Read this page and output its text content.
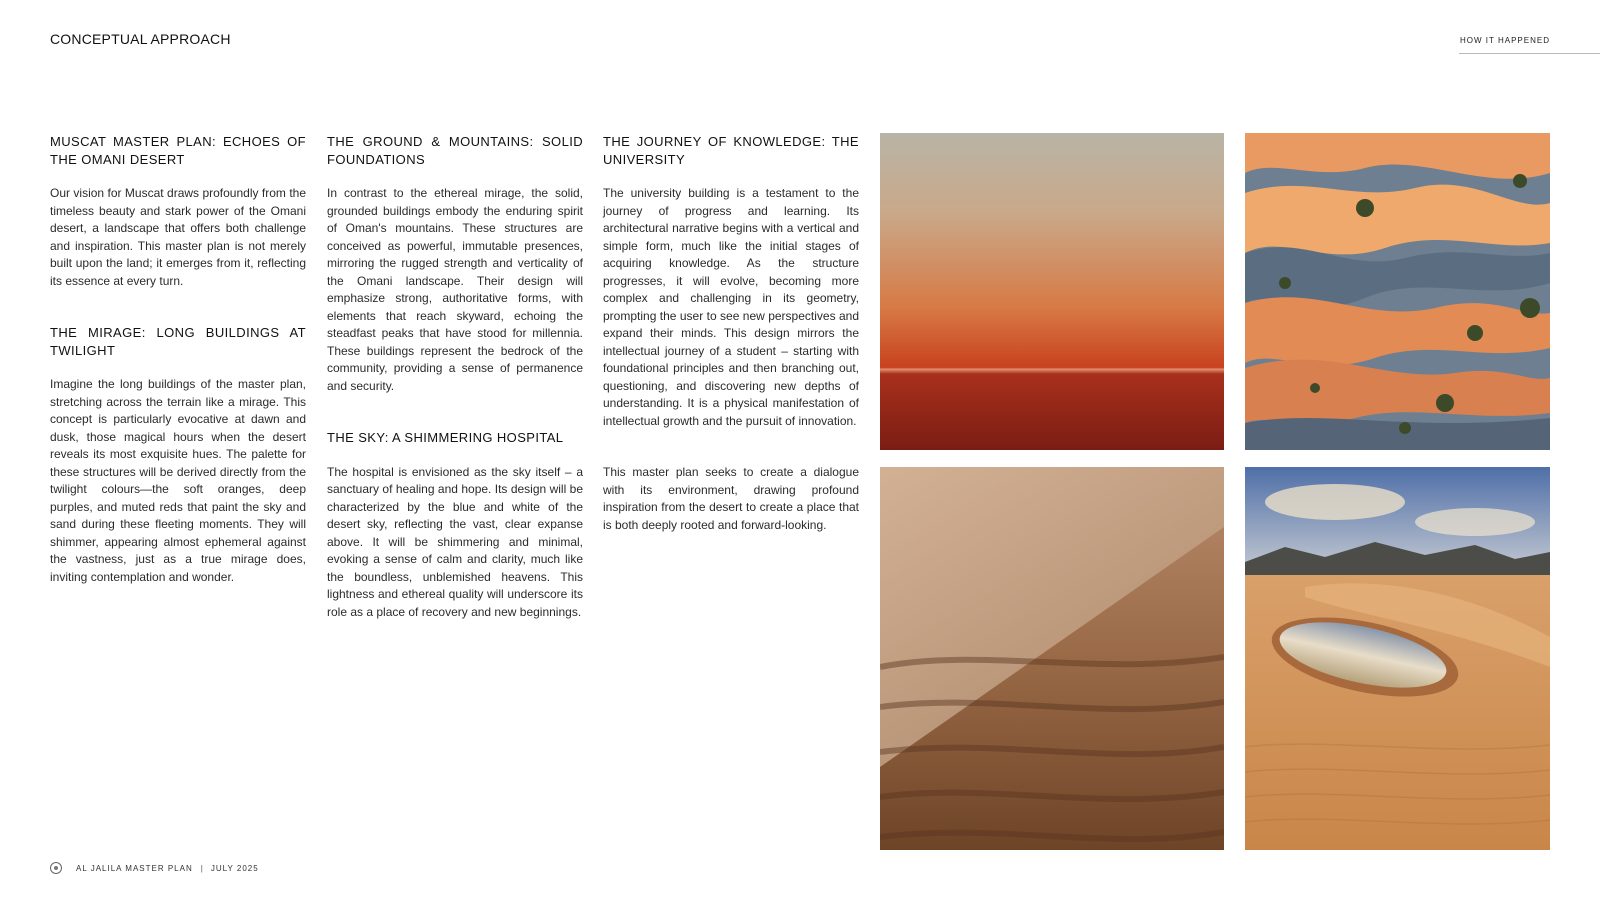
CONCEPTUAL APPROACH	HOW IT HAPPENED
MUSCAT MASTER PLAN: ECHOES OF THE OMANI DESERT

Our vision for Muscat draws profoundly from the timeless beauty and stark power of the Omani desert, a landscape that offers both challenge and inspiration. This master plan is not merely built upon the land; it emerges from it, reflecting its essence at every turn.

THE MIRAGE: LONG BUILDINGS AT TWILIGHT

Imagine the long buildings of the master plan, stretching across the terrain like a mirage. This concept is particularly evocative at dawn and dusk, those magical hours when the desert reveals its most exquisite hues. The palette for these structures will be derived directly from the twilight colours—the soft oranges, deep purples, and muted reds that paint the sky and sand during these fleeting moments. They will shimmer, appearing almost ephemeral against the vastness, just as a true mirage does, inviting contemplation and wonder.

THE GROUND & MOUNTAINS: SOLID FOUNDATIONS

In contrast to the ethereal mirage, the solid, grounded buildings embody the enduring spirit of Oman's mountains. These structures are conceived as powerful, immutable presences, mirroring the rugged strength and verticality of the Omani landscape. Their design will emphasize strong, authoritative forms, with elements that reach skyward, echoing the steadfast peaks that have stood for millennia. These buildings represent the bedrock of the community, providing a sense of permanence and security.

THE SKY: A SHIMMERING HOSPITAL

The hospital is envisioned as the sky itself – a sanctuary of healing and hope. Its design will be characterized by the blue and white of the desert sky, reflecting the vast, clear expanse above. It will be shimmering and minimal, evoking a sense of calm and clarity, much like the boundless, unblemished heavens. This lightness and ethereal quality will underscore its role as a place of recovery and new beginnings.

THE JOURNEY OF KNOWLEDGE: THE UNIVERSITY

The university building is a testament to the journey of progress and learning. Its architectural narrative begins with a vertical and simple form, much like the initial stages of acquiring knowledge. As the structure progresses, it will evolve, becoming more complex and challenging in its geometry, prompting the user to see new perspectives and expand their minds. This design mirrors the intellectual journey of a student – starting with foundational principles and then branching out, questioning, and discovering new depths of understanding. It is a physical manifestation of intellectual growth and the pursuit of innovation.

This master plan seeks to create a dialogue with its environment, drawing profound inspiration from the desert to create a place that is both deeply rooted and forward-looking.

AL JALILA MASTER PLAN | JULY 2025
